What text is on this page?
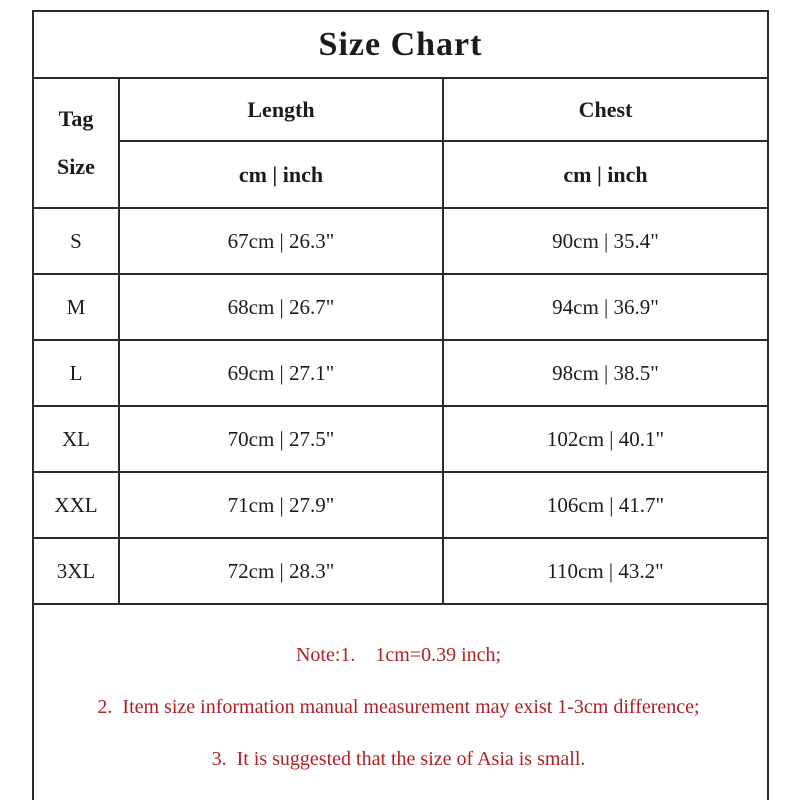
Size Chart		

Tag
Size	Length	Chest
	cm | inch	cm | inch
S	67cm | 26.3"	90cm | 35.4"
M	68cm | 26.7"	94cm | 36.9"
L	69cm | 27.1"	98cm | 38.5"
XL	70cm | 27.5"	102cm | 40.1"
XXL	71cm | 27.9"	106cm | 41.7"
3XL	72cm | 28.3"	110cm | 43.2"

Note:1.    1cm=0.39 inch;

2.  Item size information manual measurement may exist 1-3cm difference;

3.  It is suggested that the size of Asia is small.		
